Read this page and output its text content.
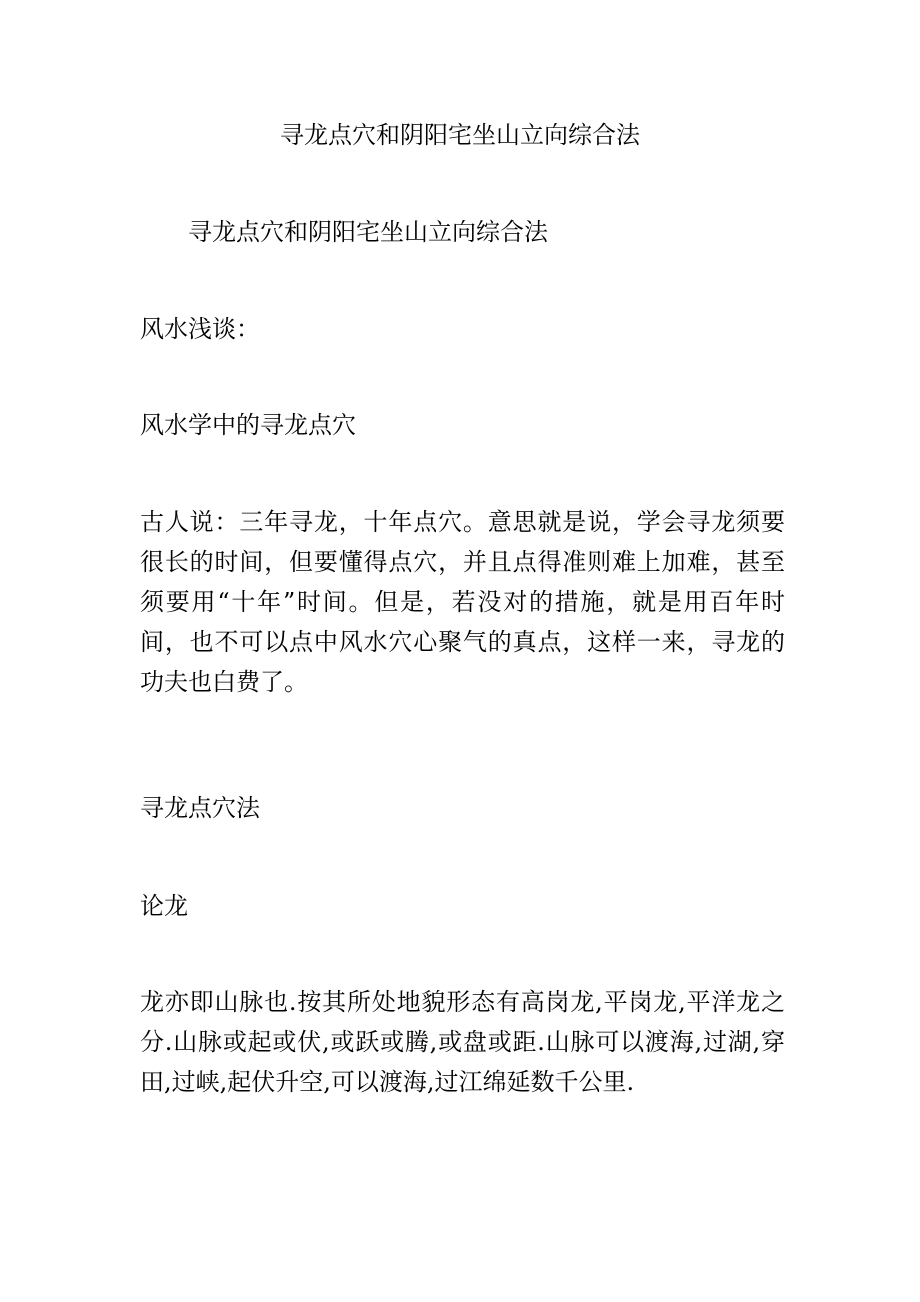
寻龙点穴和阴阳宅坐山立向综合法

寻龙点穴和阴阳宅坐山立向综合法

风水浅谈：

风水学中的寻龙点穴

古人说：三年寻龙，十年点穴。意思就是说，学会寻龙须要很长的时间，但要懂得点穴，并且点得准则难上加难，甚至须要用“十年”时间。但是，若没对的措施，就是用百年时间，也不可以点中风水穴心聚气的真点，这样一来，寻龙的功夫也白费了。

寻龙点穴法

论龙

龙亦即山脉也.按其所处地貌形态有高岗龙,平岗龙,平洋龙之分.山脉或起或伏,或跃或腾,或盘或距.山脉可以渡海,过湖,穿田,过峡,起伏升空,可以渡海,过江绵延数千公里.
